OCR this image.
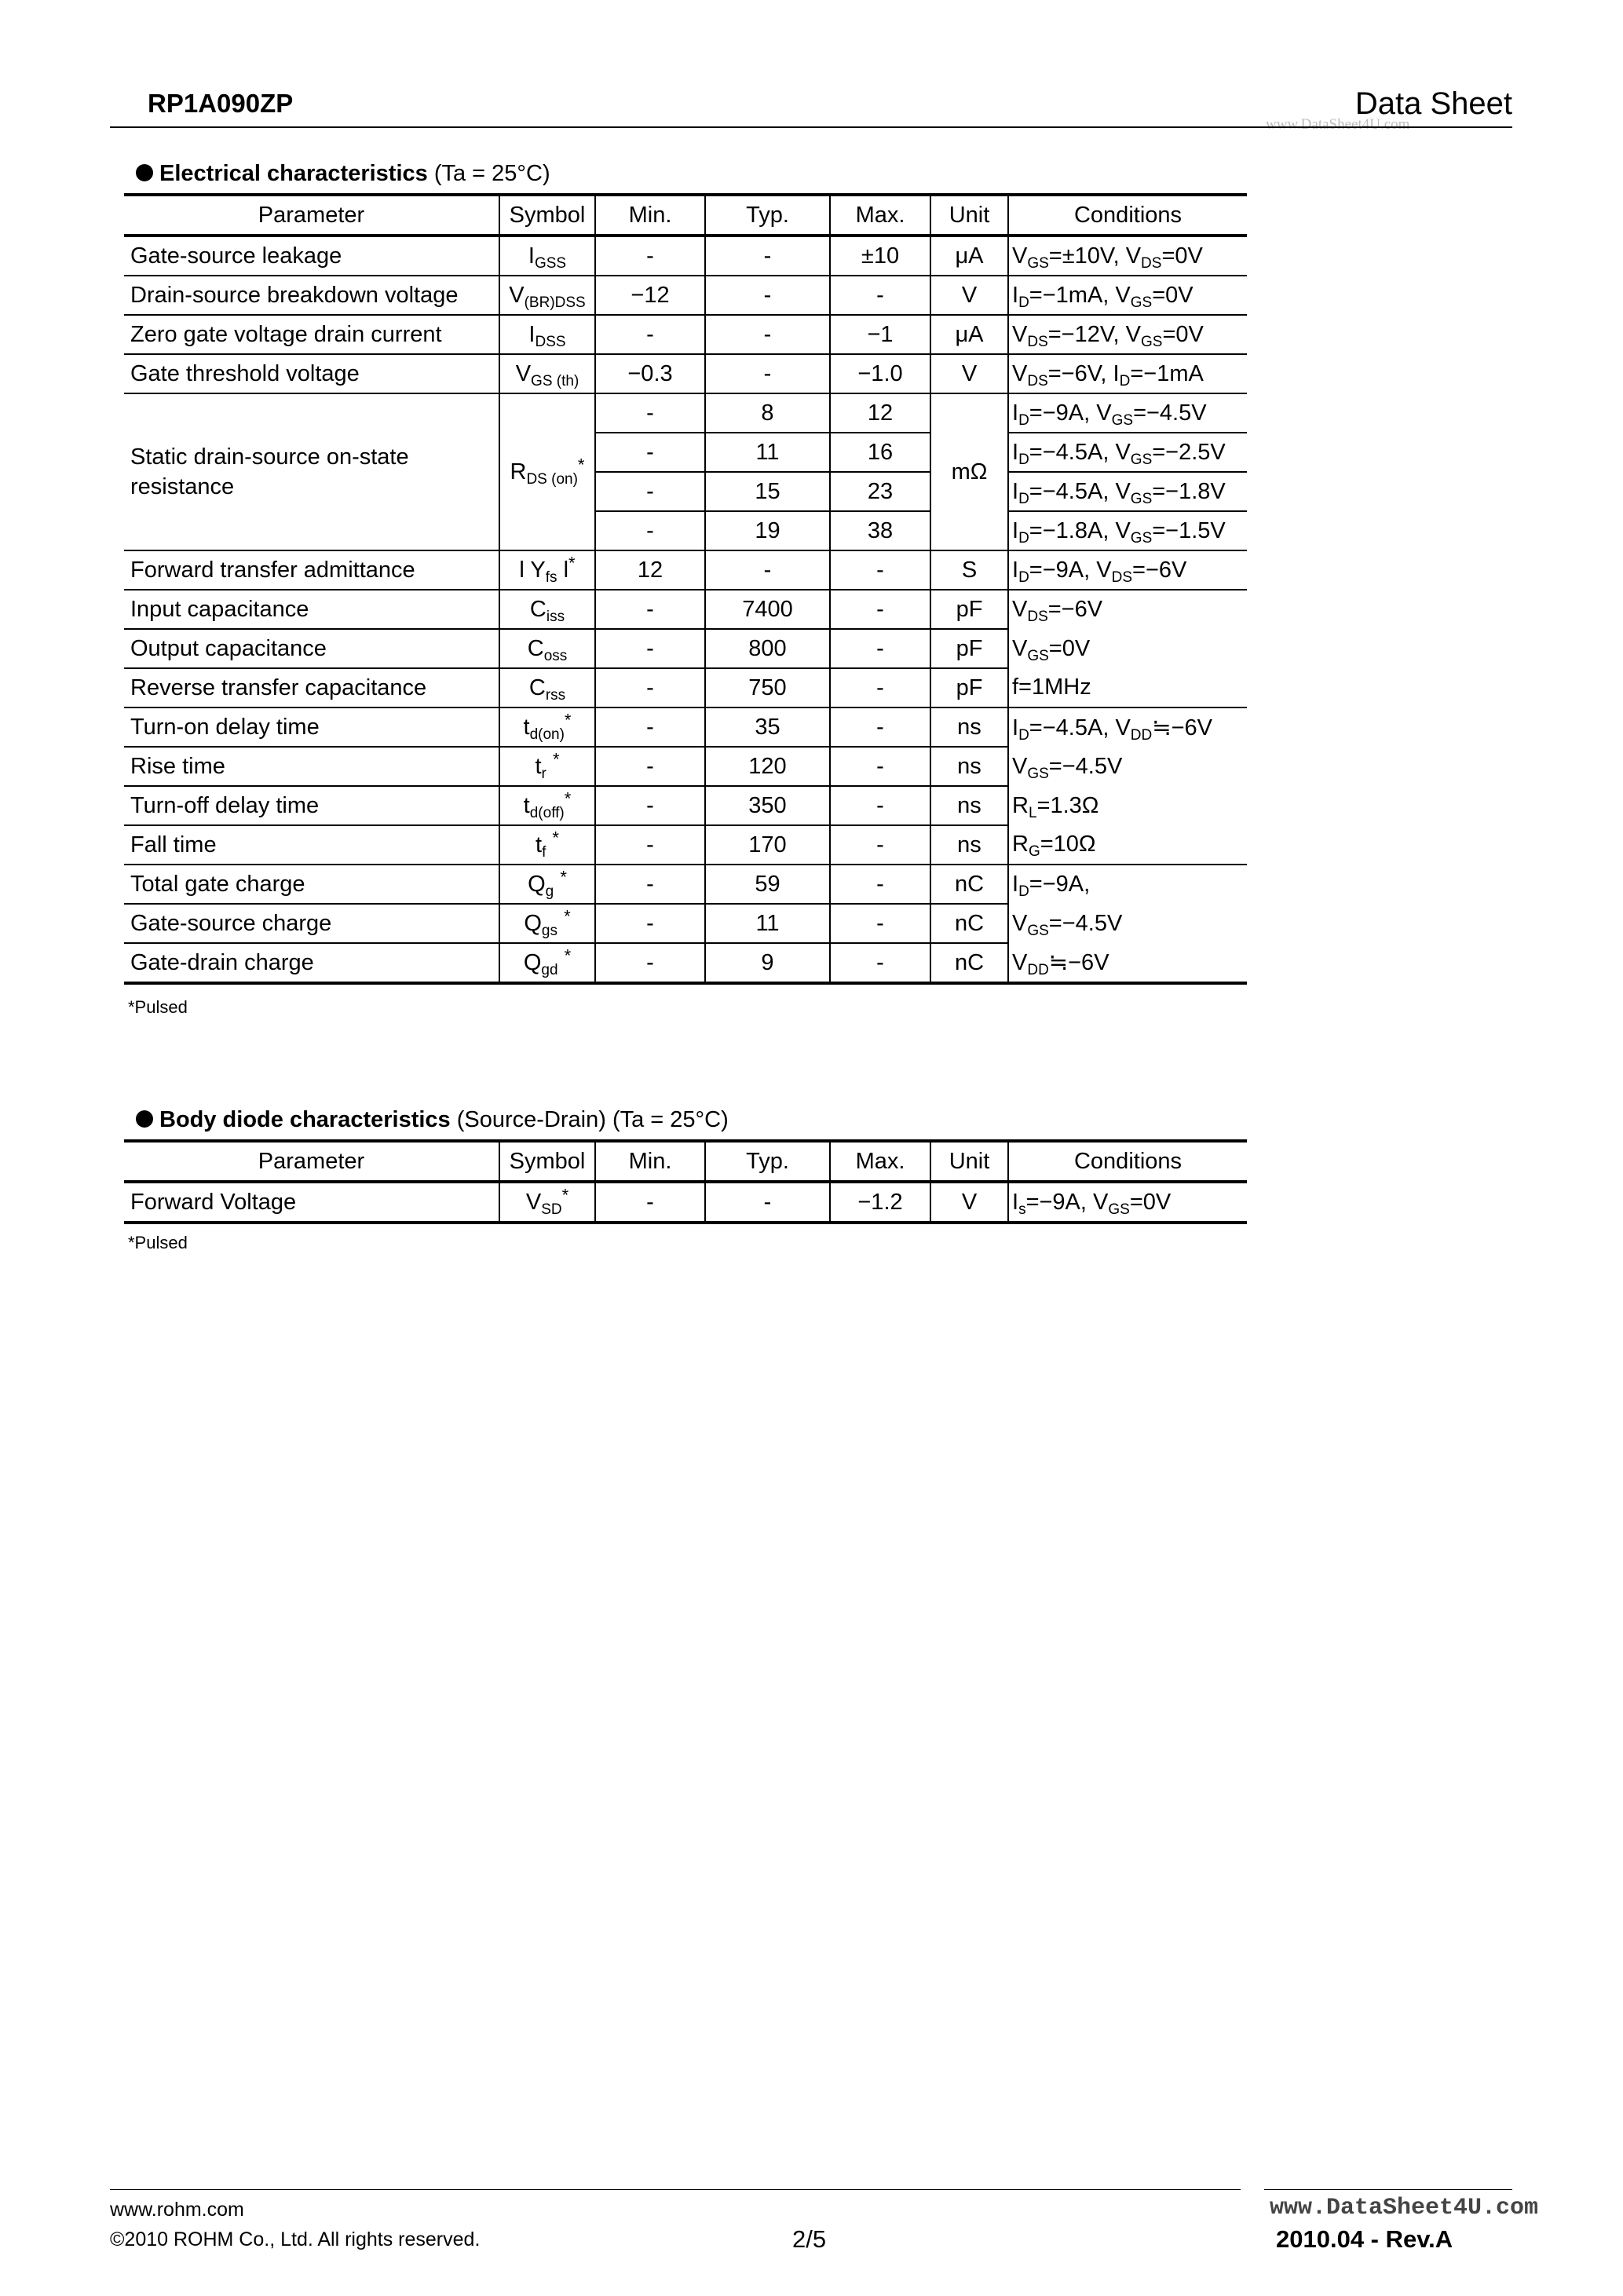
RP1A090ZP	Data Sheet
www.DataSheet4U.com
Electrical characteristics (Ta = 25°C)
Parameter	Symbol	Min.	Typ.	Max.	Unit	Conditions
Gate-source leakage	$I_{GSS}$	-	-	±10	μA	$V_{GS}=\pm 10V$, $V_{DS}=0V$
Drain-source breakdown voltage	$V_{(BR)DSS}$	−12	-	-	V	$I_D=-1mA$, $V_{GS}=0V$
Zero gate voltage drain current	$I_{DSS}$	-	-	−1	μA	$V_{DS}=-12V$, $V_{GS}=0V$
Gate threshold voltage	$V_{GS (th)}$	−0.3	-	−1.0	V	$V_{DS}=-6V$, $I_D=-1mA$
Static drain-source on-state resistance	$R_{DS (on)}^*$	-	8	12	mΩ	$I_D=-9A$, $V_{GS}=-4.5V$
		-	11	16		$I_D=-4.5A$, $V_{GS}=-2.5V$
		-	15	23		$I_D=-4.5A$, $V_{GS}=-1.8V$
		-	19	38		$I_D=-1.8A$, $V_{GS}=-1.5V$
Forward transfer admittance	l $Y_{fs}$ l*	12	-	-	S	$I_D=-9A$, $V_{DS}=-6V$
Input capacitance	$C_{iss}$	-	7400	-	pF	$V_{DS}=-6V$
Output capacitance	$C_{oss}$	-	800	-	pF	$V_{GS}=0V$
Reverse transfer capacitance	$C_{rss}$	-	750	-	pF	f=1MHz
Turn-on delay time	$t_{d(on)}^*$	-	35	-	ns	$I_D=-4.5A$, $V_{DD}≒-6V$
Rise time	$t_r$ *	-	120	-	ns	$V_{GS}=-4.5V$
Turn-off delay time	$t_{d(off)}^*$	-	350	-	ns	$R_L=1.3\Omega$
Fall time	$t_f$ *	-	170	-	ns	$R_G=10\Omega$
Total gate charge	$Q_g$ *	-	59	-	nC	$I_D=-9A$,
Gate-source charge	$Q_{gs}$ *	-	11	-	nC	$V_{GS}=-4.5V$
Gate-drain charge	$Q_{gd}$ *	-	9	-	nC	$V_{DD}≒-6V$
*Pulsed
Body diode characteristics (Source-Drain) (Ta = 25°C)
Parameter	Symbol	Min.	Typ.	Max.	Unit	Conditions
Forward Voltage	$V_{SD}^*$	-	-	−1.2	V	$I_s=-9A$, $V_{GS}=0V$
*Pulsed
www.rohm.com
©2010 ROHM Co., Ltd. All rights reserved.	2/5
www.DataSheet4U.com
2010.04 - Rev.A
